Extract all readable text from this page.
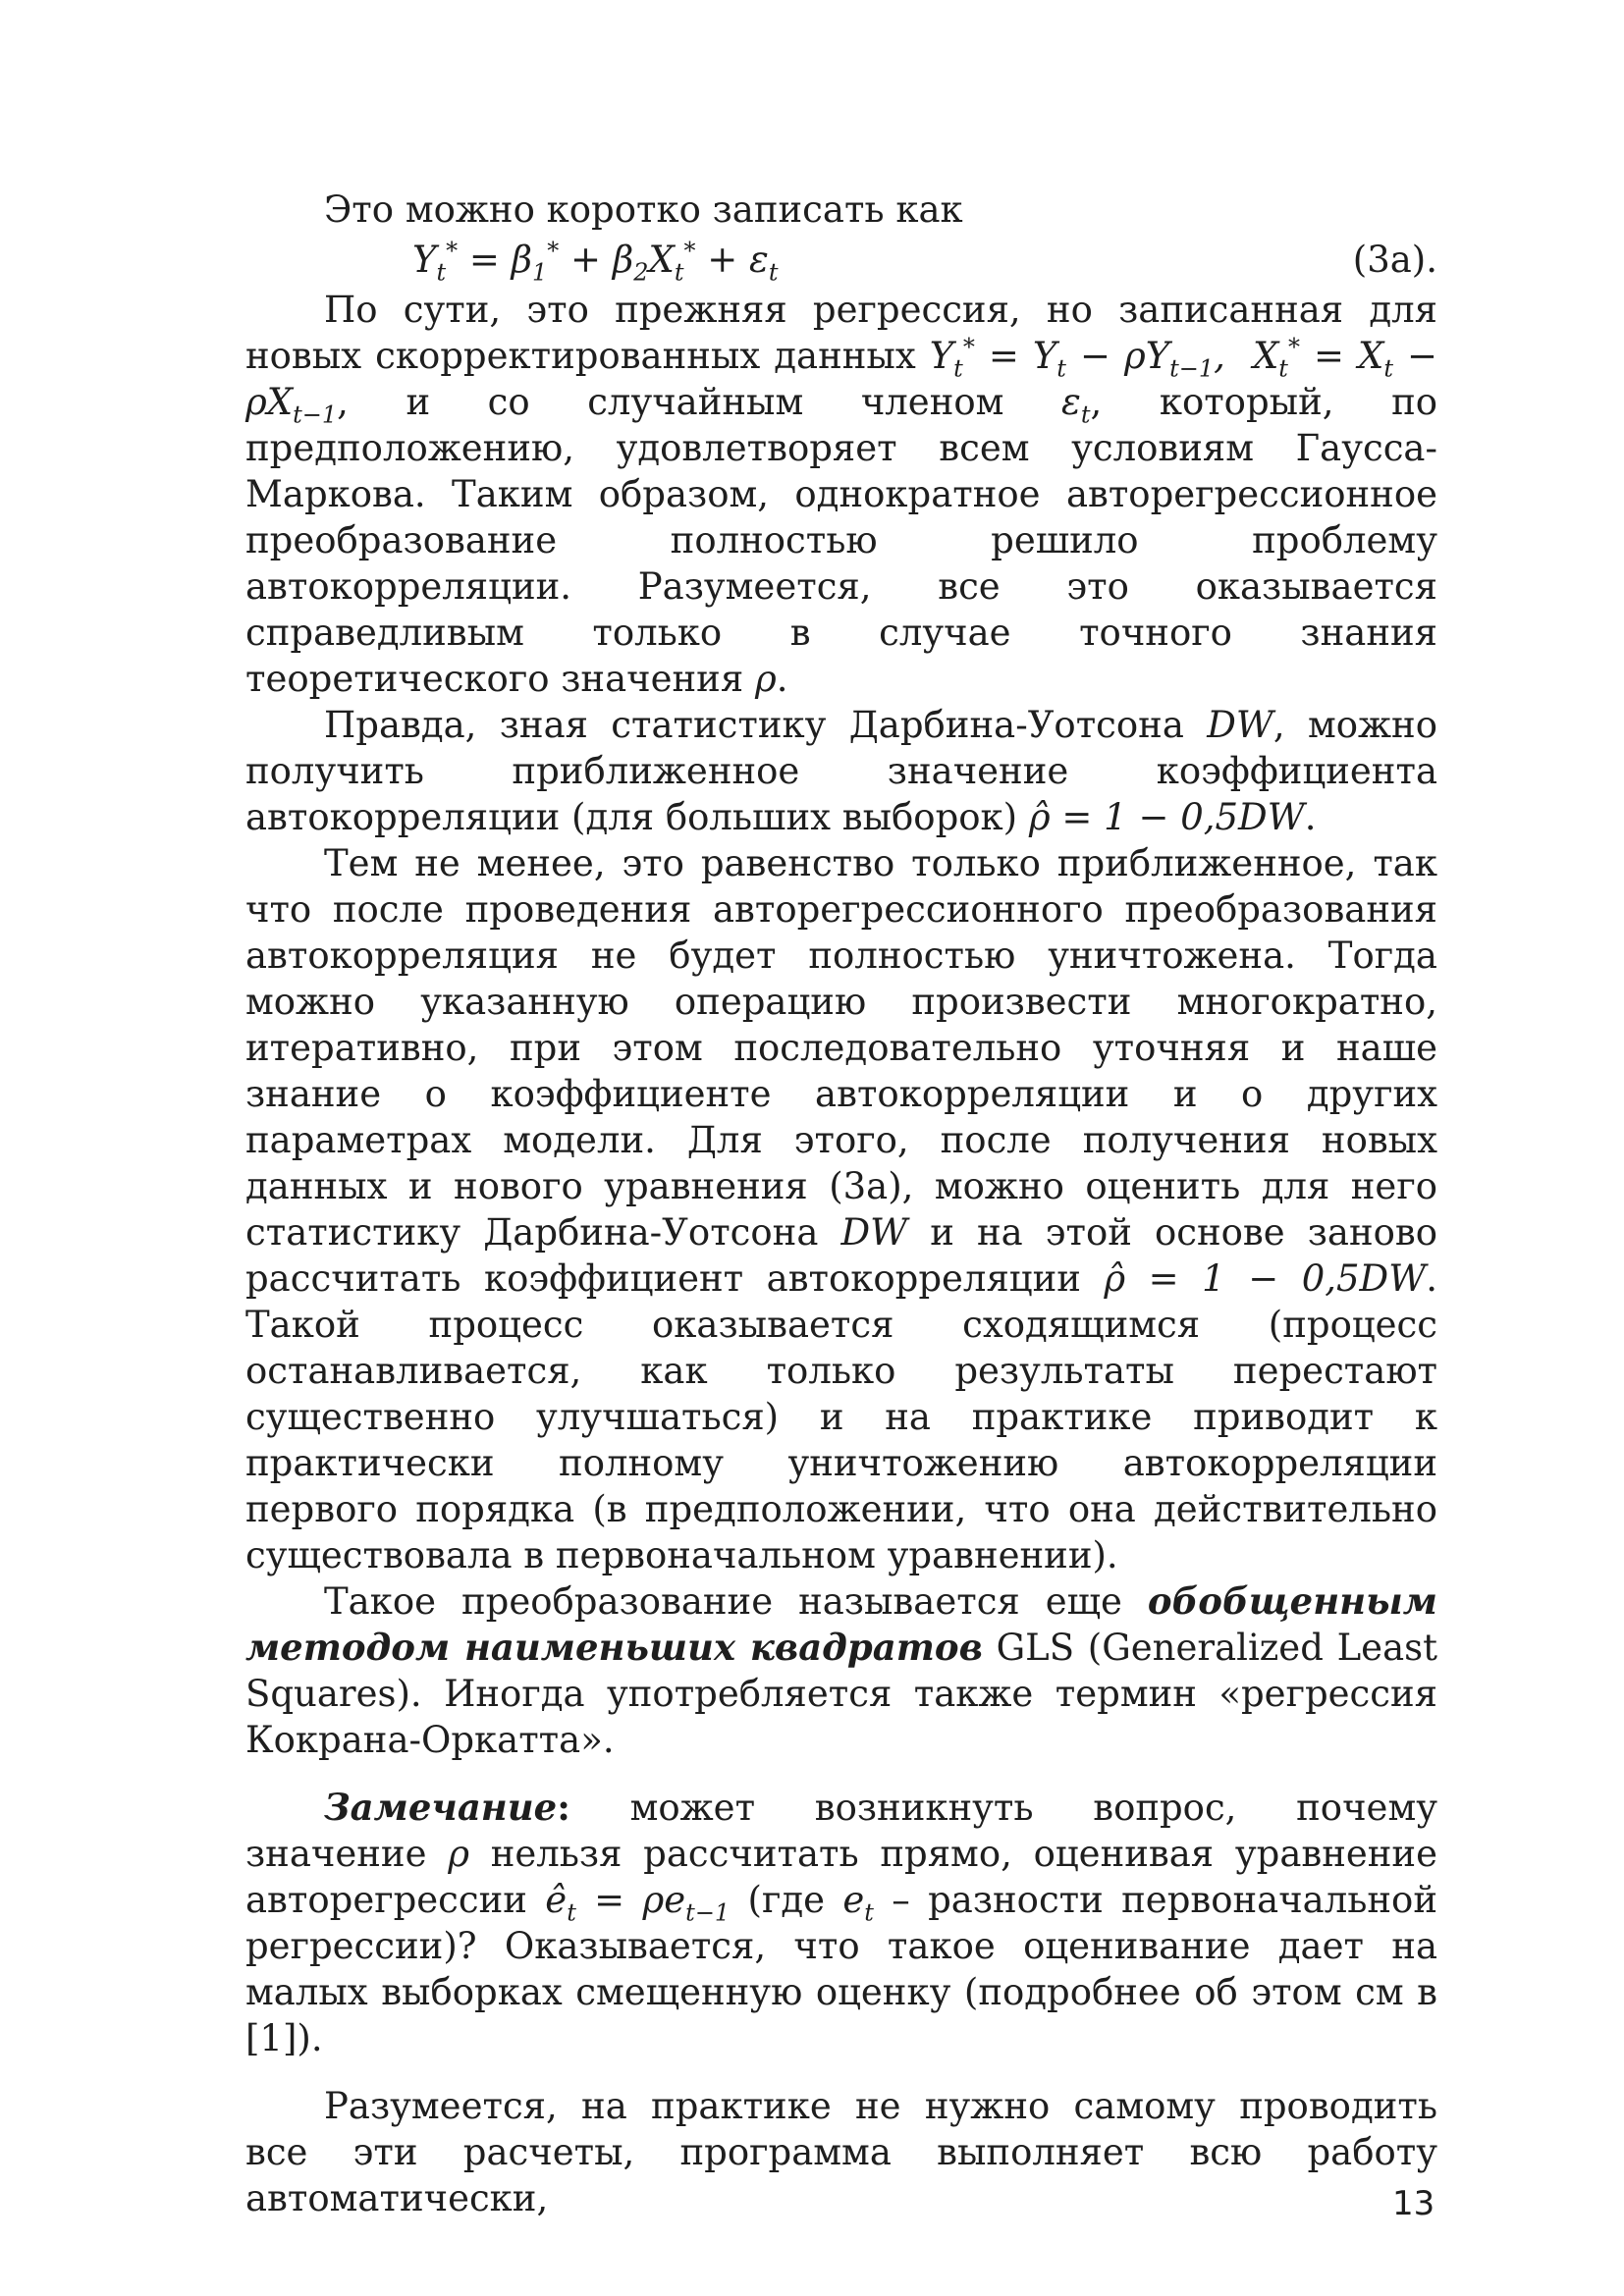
Это можно коротко записать как

$Y_t^* = \beta_1^* + \beta_2X_t^* + \varepsilon_t$	(3а).

По сути, это прежняя регрессия, но записанная для новых скорректированных данных $Y_t^* = Y_t - \rho Y_{t-1}$,  $X_t^* = X_t - \rho X_{t-1}$, и со случайным членом $\varepsilon_t$, который, по предположению, удовлетворяет всем условиям Гаусса-Маркова. Таким образом, однократное авторегрессионное преобразование полностью решило проблему автокорреляции. Разумеется, все это оказывается справедливым только в случае точного знания теоретического значения ρ.

Правда, зная статистику Дарбина-Уотсона DW, можно получить приближенное значение коэффициента автокорреляции (для больших выборок) ρ̂ = 1 − 0,5DW.

Тем не менее, это равенство только приближенное, так что после проведения авторегрессионного преобразования автокорреляция не будет полностью уничтожена. Тогда можно указанную операцию произвести многократно, итеративно, при этом последовательно уточняя и наше знание о коэффициенте автокорреляции и о других параметрах модели. Для этого, после получения новых данных и нового уравнения (3а), можно оценить для него статистику Дарбина-Уотсона DW и на этой основе заново рассчитать коэффициент автокорреляции ρ̂ = 1 − 0,5DW. Такой процесс оказывается сходящимся (процесс останавливается, как только результаты перестают существенно улучшаться) и на практике приводит к практически полному уничтожению автокорреляции первого порядка (в предположении, что она действительно существовала в первоначальном уравнении).

Такое преобразование называется еще обобщенным методом наименьших квадратов GLS (Generalized Least Squares). Иногда употребляется также термин «регрессия Кокрана-Оркатта».

Замечание: может возникнуть вопрос, почему значение ρ нельзя рассчитать прямо, оценивая уравнение авторегрессии $ê_t = \rho e_{t-1}$ (где $e_t$ – разности первоначальной регрессии)? Оказывается, что такое оценивание дает на малых выборках смещенную оценку (подробнее об этом см в [1]).

Разумеется, на практике не нужно самому проводить все эти расчеты, программа выполняет всю работу автоматически,	13
